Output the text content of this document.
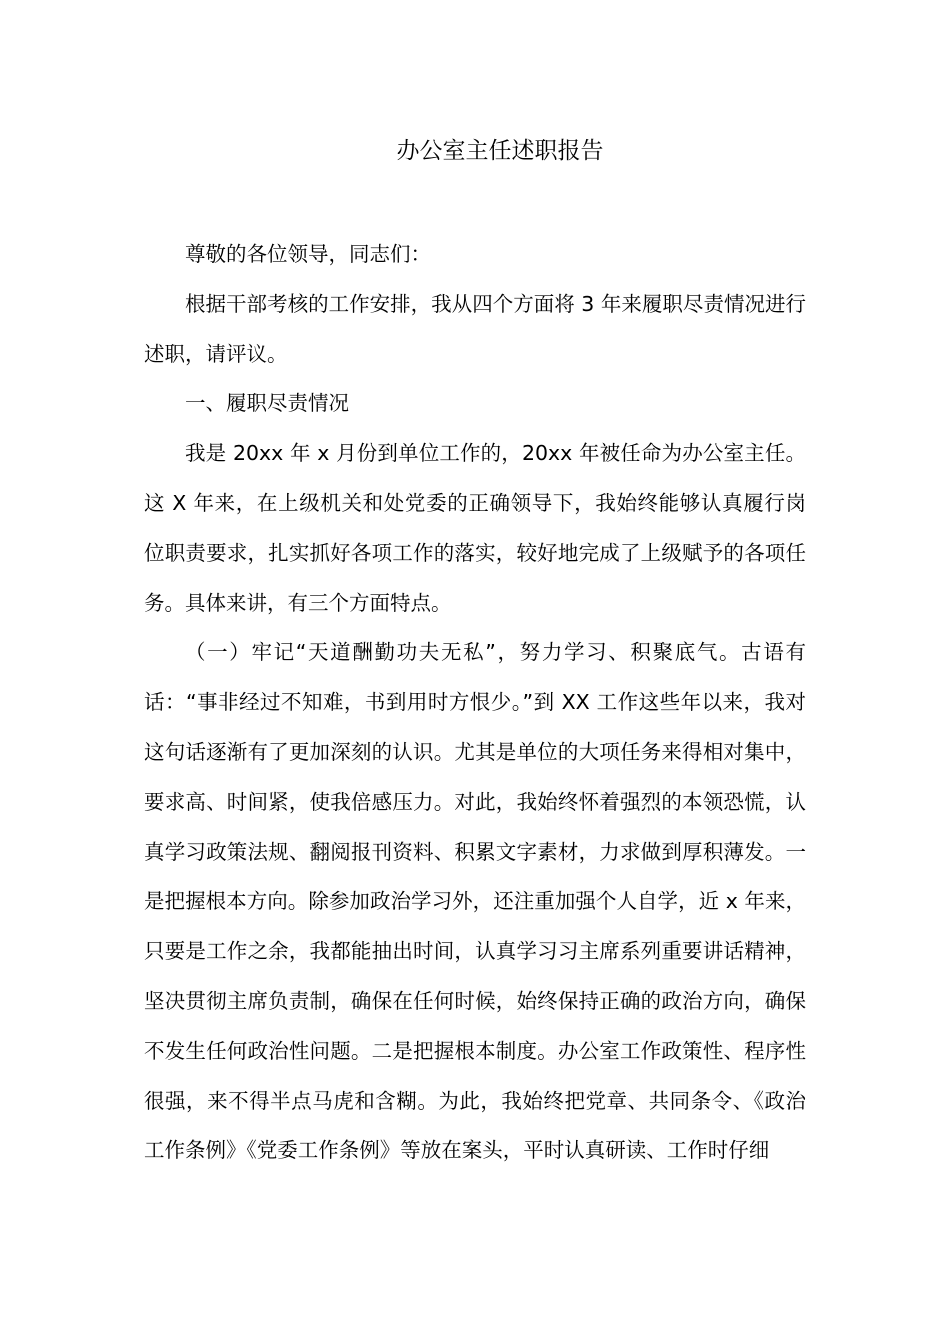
办公室主任述职报告

尊敬的各位领导，同志们：

根据干部考核的工作安排，我从四个方面将 3 年来履职尽责情况进行述职，请评议。

一、履职尽责情况

我是 20xx 年 x 月份到单位工作的，20xx 年被任命为办公室主任。这 X 年来，在上级机关和处党委的正确领导下，我始终能够认真履行岗位职责要求，扎实抓好各项工作的落实，较好地完成了上级赋予的各项任务。具体来讲，有三个方面特点。

（一）牢记“天道酬勤功夫无私”，努力学习、积聚底气。古语有话：“事非经过不知难，书到用时方恨少。”到 XX 工作这些年以来，我对这句话逐渐有了更加深刻的认识。尤其是单位的大项任务来得相对集中，要求高、时间紧，使我倍感压力。对此，我始终怀着强烈的本领恐慌，认真学习政策法规、翻阅报刊资料、积累文字素材，力求做到厚积薄发。一是把握根本方向。除参加政治学习外，还注重加强个人自学，近 x 年来，只要是工作之余，我都能抽出时间，认真学习习主席系列重要讲话精神，坚决贯彻主席负责制，确保在任何时候，始终保持正确的政治方向，确保不发生任何政治性问题。二是把握根本制度。办公室工作政策性、程序性很强，来不得半点马虎和含糊。为此，我始终把党章、共同条令、《政治工作条例》《党委工作条例》等放在案头，平时认真研读、工作时仔细
